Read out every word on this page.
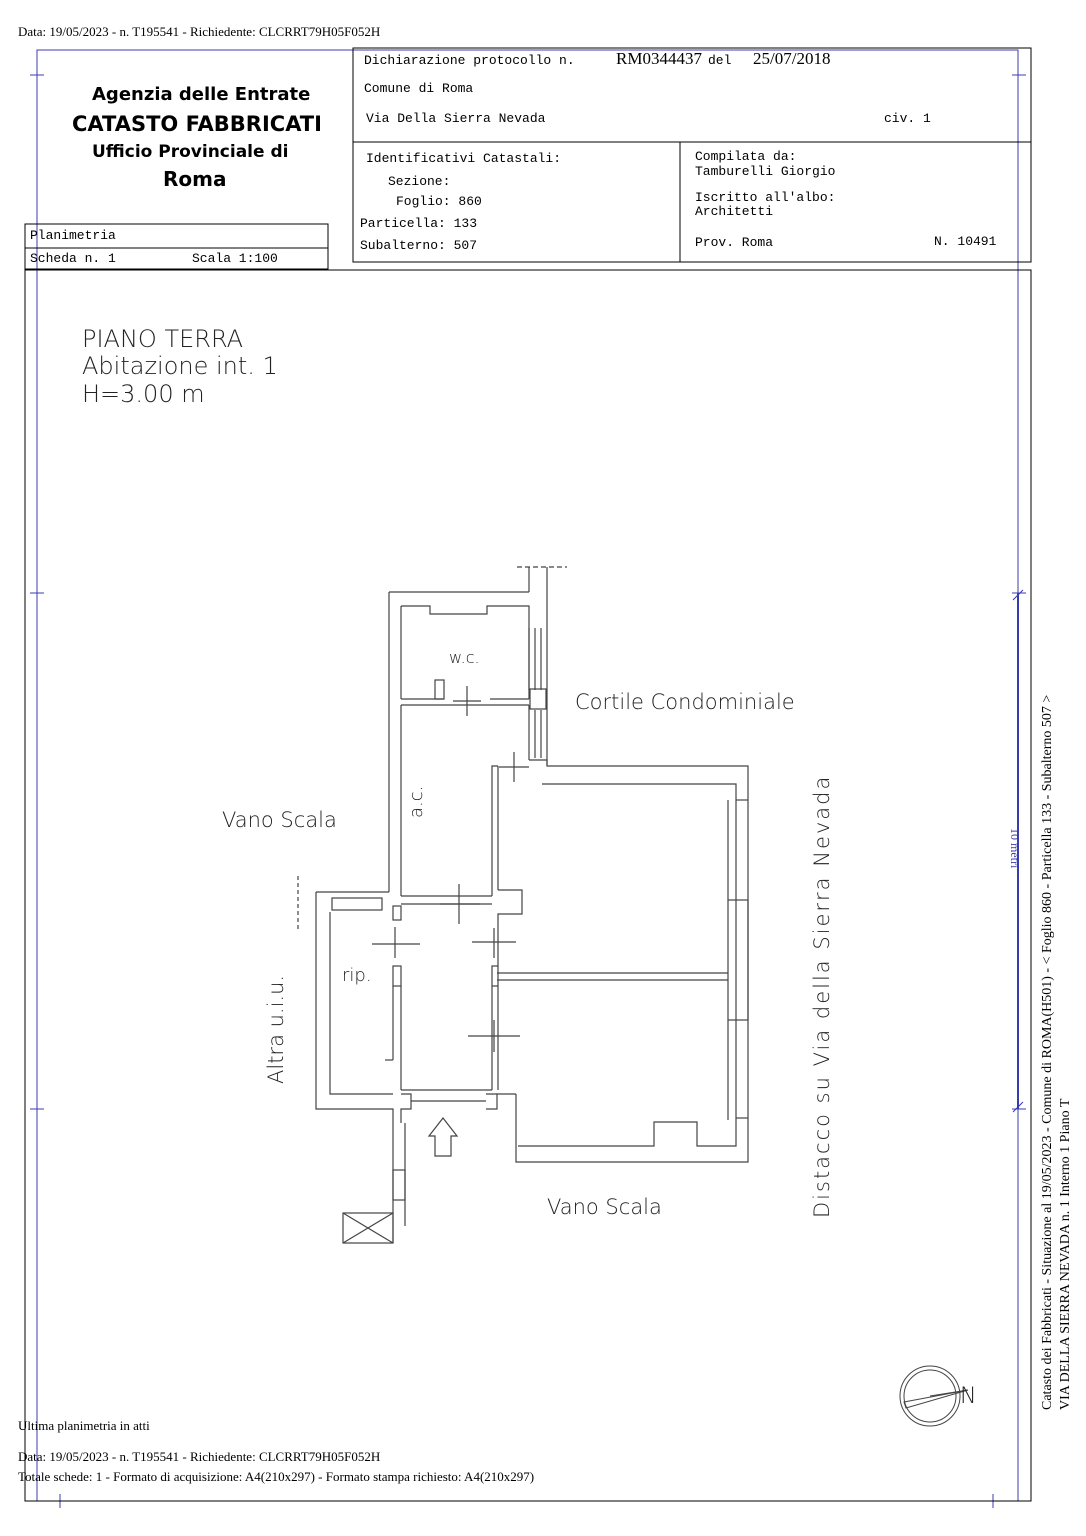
Data: 19/05/2023 - n. T195541 - Richiedente: CLCRRT79H05F052H
Agenzia delle Entrate
CATASTO FABBRICATI
Ufficio Provinciale di
Roma
Planimetria
Scheda n. 1	Scala 1:100
Dichiarazione protocollo n. RM0344437 del 25/07/2018
Comune di Roma
Via Della Sierra Nevada	civ. 1
Identificativi Catastali:
Sezione:
Foglio: 860
Particella: 133
Subalterno: 507
Compilata da:
Tamburelli Giorgio
Iscritto all'albo:
Architetti
Prov. Roma	N. 10491
PIANO TERRA
Abitazione int. 1
H=3.00 m
w.c.
Cortile Condominiale
Vano Scala
rip.
Vano Scala
N
a.c.
Altra u.i.u.	Distacco su Via della Sierra Nevada	10 metri
Ultima planimetria in atti
Data: 19/05/2023 - n. T195541 - Richiedente: CLCRRT79H05F052H
Totale schede: 1 - Formato di acquisizione: A4(210x297) - Formato stampa richiesto: A4(210x297)
Catasto dei Fabbricati - Situazione al 19/05/2023 - Comune di ROMA(H501) - < Foglio 860 - Particella 133 - Subalterno 507 > VIA DELLA SIERRA NEVADA n. 1 Interno 1 Piano T
